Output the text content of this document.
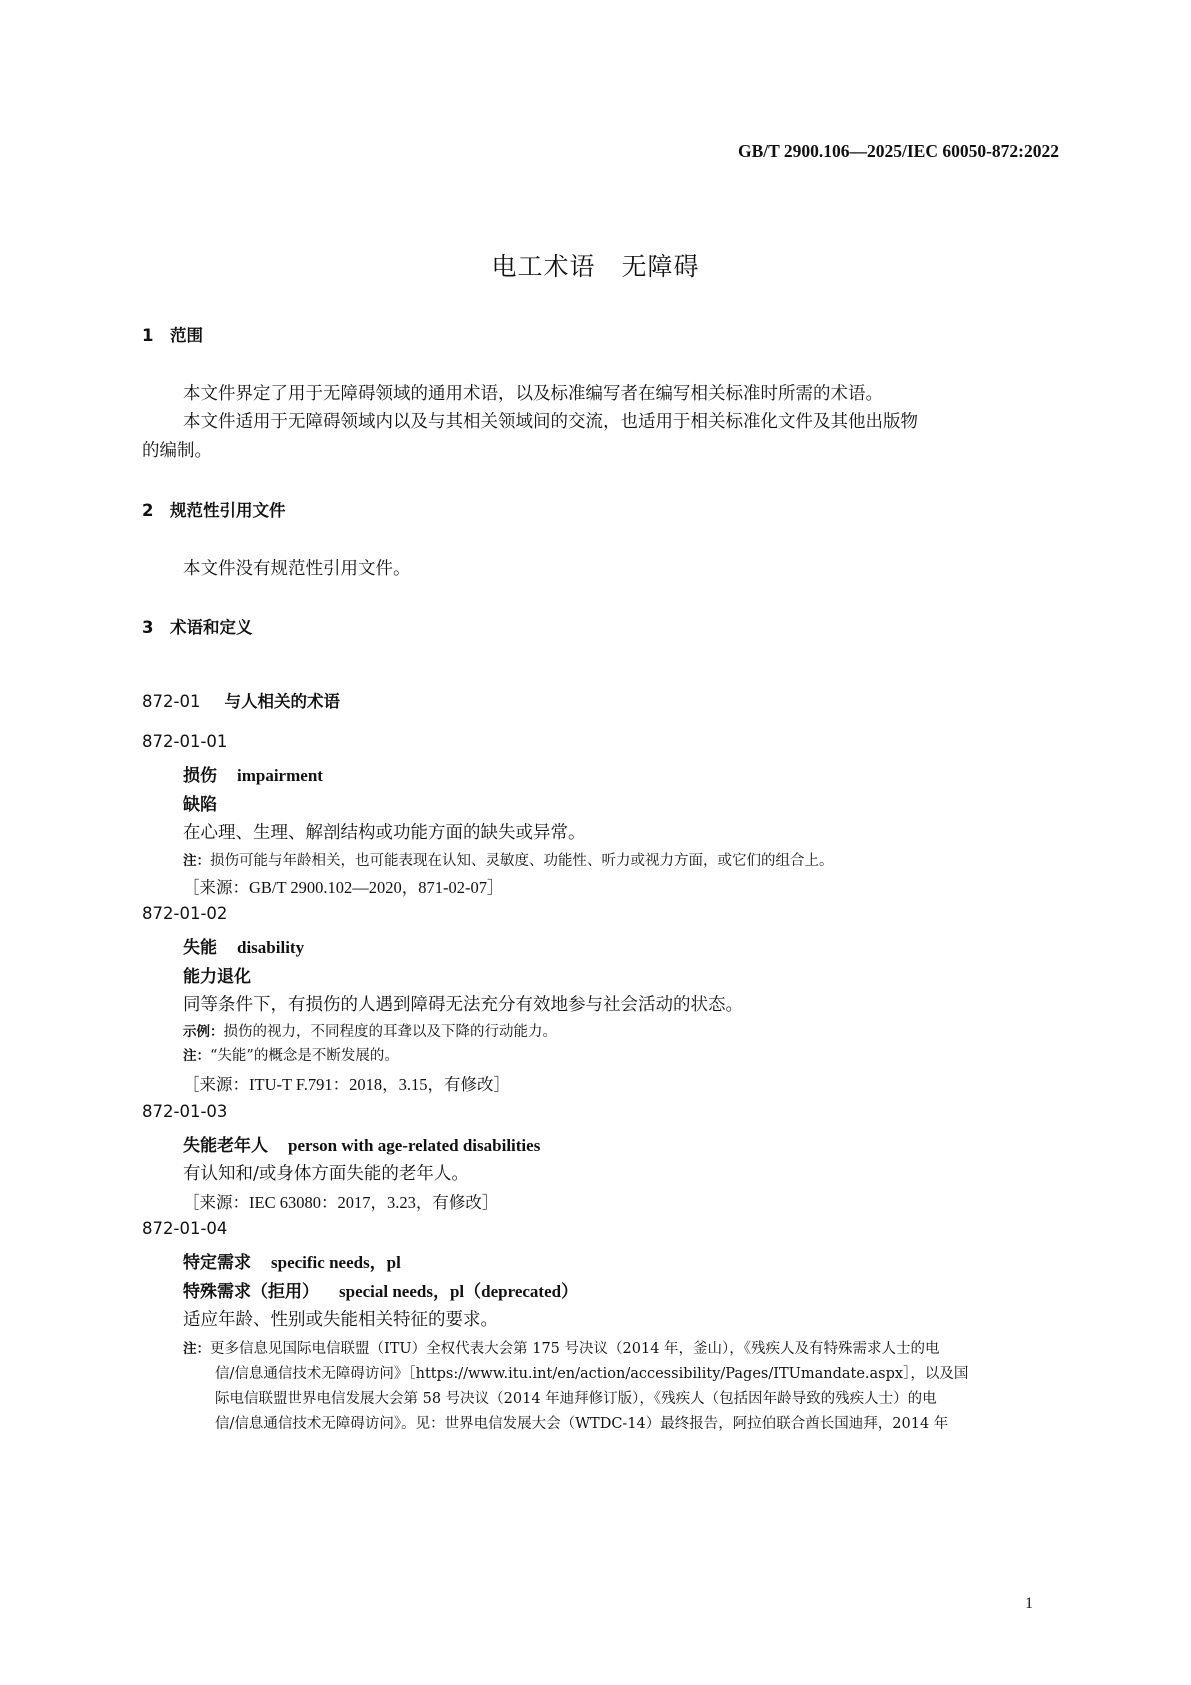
GB/T 2900.106—2025/IEC 60050-872:2022
电工术语　无障碍
1 范围
本文件界定了用于无障碍领域的通用术语，以及标准编写者在编写相关标准时所需的术语。
本文件适用于无障碍领域内以及与其相关领域间的交流，也适用于相关标准化文件及其他出版物
的编制。
2 规范性引用文件
本文件没有规范性引用文件。
3 术语和定义
872-01 与人相关的术语
872-01-01
损伤 impairment
缺陷
在心理、生理、解剖结构或功能方面的缺失或异常。
注：损伤可能与年龄相关，也可能表现在认知、灵敏度、功能性、听力或视力方面，或它们的组合上。
［来源：GB/T 2900.102—2020，871-02-07］
872-01-02
失能 disability
能力退化
同等条件下，有损伤的人遇到障碍无法充分有效地参与社会活动的状态。
示例：损伤的视力，不同程度的耳聋以及下降的行动能力。
注：“失能”的概念是不断发展的。
［来源：ITU-T F.791：2018，3.15，有修改］
872-01-03
失能老年人 person with age-related disabilities
有认知和/或身体方面失能的老年人。
［来源：IEC 63080：2017，3.23，有修改］
872-01-04
特定需求 specific needs，pl
特殊需求（拒用） special needs，pl（deprecated）
适应年龄、性别或失能相关特征的要求。
注：更多信息见国际电信联盟（ITU）全权代表大会第 175 号决议（2014 年，釜山），《残疾人及有特殊需求人士的电
信/信息通信技术无障碍访问》［https://www.itu.int/en/action/accessibility/Pages/ITUmandate.aspx］，以及国
际电信联盟世界电信发展大会第 58 号决议（2014 年迪拜修订版），《残疾人（包括因年龄导致的残疾人士）的电
信/信息通信技术无障碍访问》。见：世界电信发展大会（WTDC-14）最终报告，阿拉伯联合酋长国迪拜，2014 年
1
